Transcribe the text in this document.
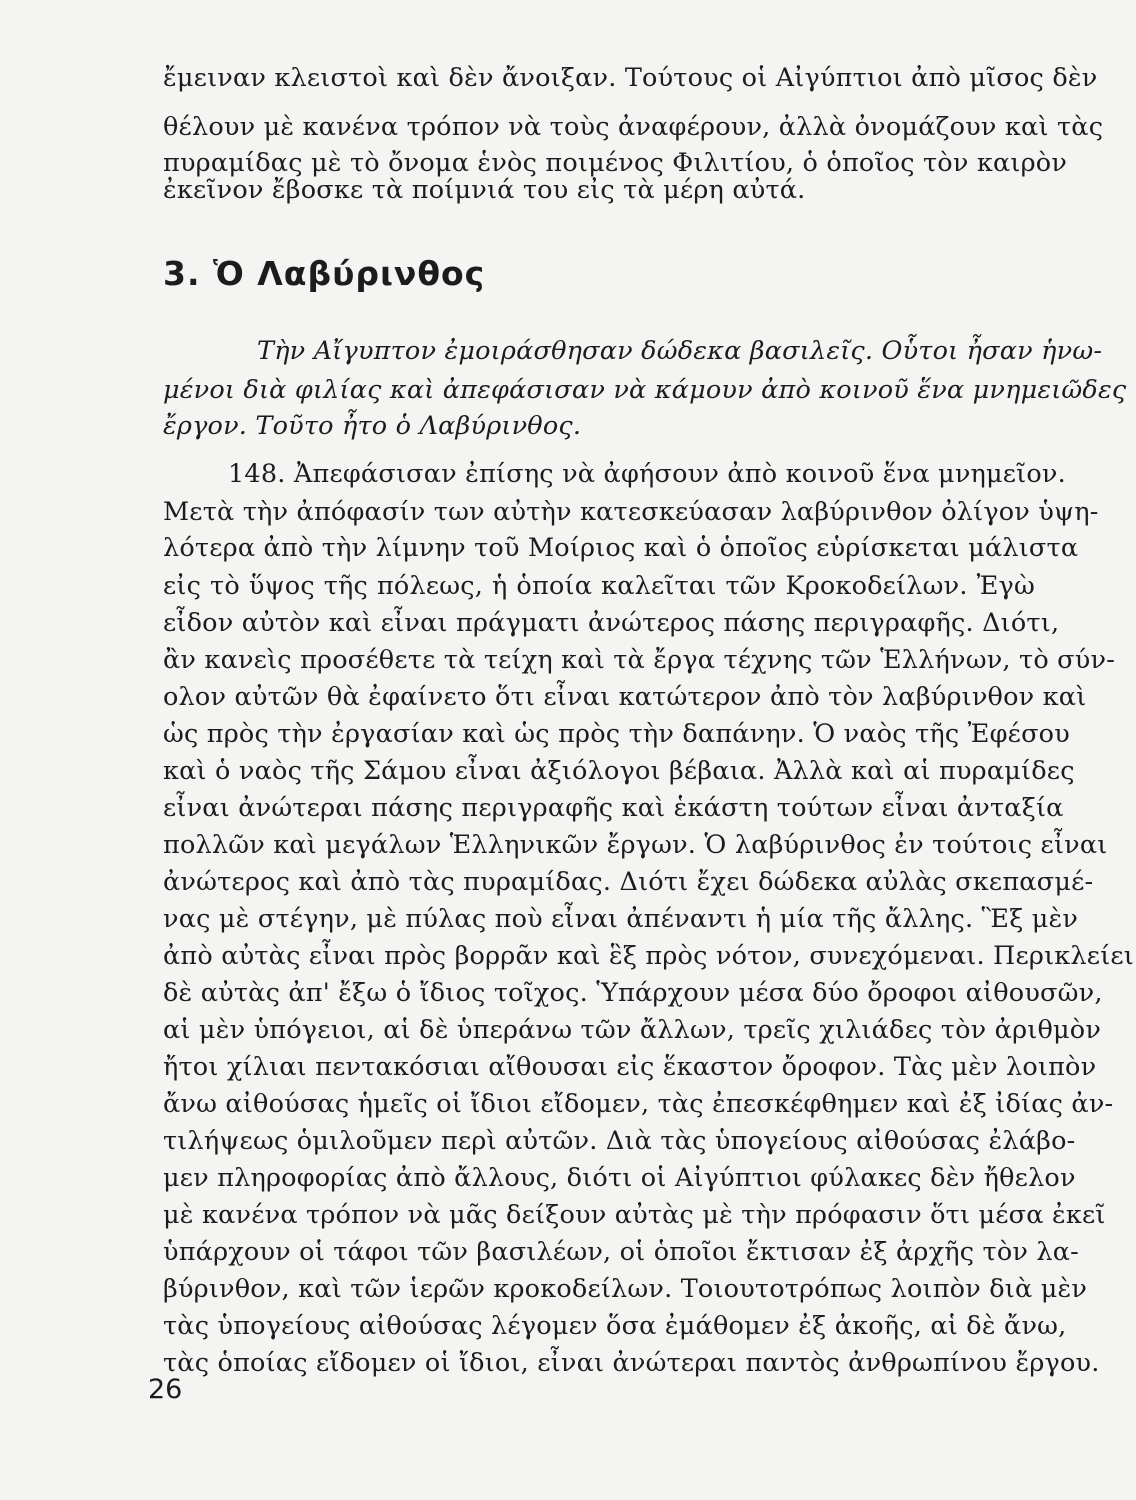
ἔμειναν κλειστοὶ καὶ δὲν ἄνοιξαν. Τούτους οἱ Αἰγύπτιοι ἀπὸ μῖσος δὲν
θέλουν μὲ κανένα τρόπον νὰ τοὺς ἀναφέρουν, ἀλλὰ ὀνομάζουν καὶ τὰς
πυραμίδας μὲ τὸ ὄνομα ἑνὸς ποιμένος Φιλιτίου, ὁ ὁποῖος τὸν καιρὸν
ἐκεῖνον ἔβοσκε τὰ ποίμνιά του εἰς τὰ μέρη αὐτά.
3. Ὁ Λαβύρινθος
Τὴν Αἴγυπτον ἐμοιράσθησαν δώδεκα βασιλεῖς. Οὗτοι ἦσαν ἡνω-
μένοι διὰ φιλίας καὶ ἀπεφάσισαν νὰ κάμουν ἀπὸ κοινοῦ ἕνα μνημειῶδες
ἔργον. Τοῦτο ἦτο ὁ Λαβύρινθος.
148. Ἀπεφάσισαν ἐπίσης νὰ ἀφήσουν ἀπὸ κοινοῦ ἕνα μνημεῖον.
Μετὰ τὴν ἀπόφασίν των αὐτὴν κατεσκεύασαν λαβύρινθον ὀλίγον ὑψη-
λότερα ἀπὸ τὴν λίμνην τοῦ Μοίριος καὶ ὁ ὁποῖος εὑρίσκεται μάλιστα
εἰς τὸ ὕψος τῆς πόλεως, ἡ ὁποία καλεῖται τῶν Κροκοδείλων. Ἐγὼ
εἶδον αὐτὸν καὶ εἶναι πράγματι ἀνώτερος πάσης περιγραφῆς. Διότι,
ἂν κανεὶς προσέθετε τὰ τείχη καὶ τὰ ἔργα τέχνης τῶν Ἑλλήνων, τὸ σύν-
ολον αὐτῶν θὰ ἐφαίνετο ὅτι εἶναι κατώτερον ἀπὸ τὸν λαβύρινθον καὶ
ὡς πρὸς τὴν ἐργασίαν καὶ ὡς πρὸς τὴν δαπάνην. Ὁ ναὸς τῆς Ἐφέσου
καὶ ὁ ναὸς τῆς Σάμου εἶναι ἀξιόλογοι βέβαια. Ἀλλὰ καὶ αἱ πυραμίδες
εἶναι ἀνώτεραι πάσης περιγραφῆς καὶ ἑκάστη τούτων εἶναι ἀνταξία
πολλῶν καὶ μεγάλων Ἑλληνικῶν ἔργων. Ὁ λαβύρινθος ἐν τούτοις εἶναι
ἀνώτερος καὶ ἀπὸ τὰς πυραμίδας. Διότι ἔχει δώδεκα αὐλὰς σκεπασμέ-
νας μὲ στέγην, μὲ πύλας ποὺ εἶναι ἀπέναντι ἡ μία τῆς ἄλλης. Ἓξ μὲν
ἀπὸ αὐτὰς εἶναι πρὸς βορρᾶν καὶ ἓξ πρὸς νότον, συνεχόμεναι. Περικλείει
δὲ αὐτὰς ἀπ' ἔξω ὁ ἴδιος τοῖχος. Ὑπάρχουν μέσα δύο ὄροφοι αἰθουσῶν,
αἱ μὲν ὑπόγειοι, αἱ δὲ ὑπεράνω τῶν ἄλλων, τρεῖς χιλιάδες τὸν ἀριθμὸν
ἤτοι χίλιαι πεντακόσιαι αἴθουσαι εἰς ἕκαστον ὄροφον. Τὰς μὲν λοιπὸν
ἄνω αἰθούσας ἡμεῖς οἱ ἴδιοι εἴδομεν, τὰς ἐπεσκέφθημεν καὶ ἐξ ἰδίας ἀν-
τιλήψεως ὁμιλοῦμεν περὶ αὐτῶν. Διὰ τὰς ὑπογείους αἰθούσας ἐλάβο-
μεν πληροφορίας ἀπὸ ἄλλους, διότι οἱ Αἰγύπτιοι φύλακες δὲν ἤθελον
μὲ κανένα τρόπον νὰ μᾶς δείξουν αὐτὰς μὲ τὴν πρόφασιν ὅτι μέσα ἐκεῖ
ὑπάρχουν οἱ τάφοι τῶν βασιλέων, οἱ ὁποῖοι ἔκτισαν ἐξ ἀρχῆς τὸν λα-
βύρινθον, καὶ τῶν ἱερῶν κροκοδείλων. Τοιουτοτρόπως λοιπὸν διὰ μὲν
τὰς ὑπογείους αἰθούσας λέγομεν ὅσα ἐμάθομεν ἐξ ἀκοῆς, αἱ δὲ ἄνω,
τὰς ὁποίας εἴδομεν οἱ ἴδιοι, εἶναι ἀνώτεραι παντὸς ἀνθρωπίνου ἔργου.
26
